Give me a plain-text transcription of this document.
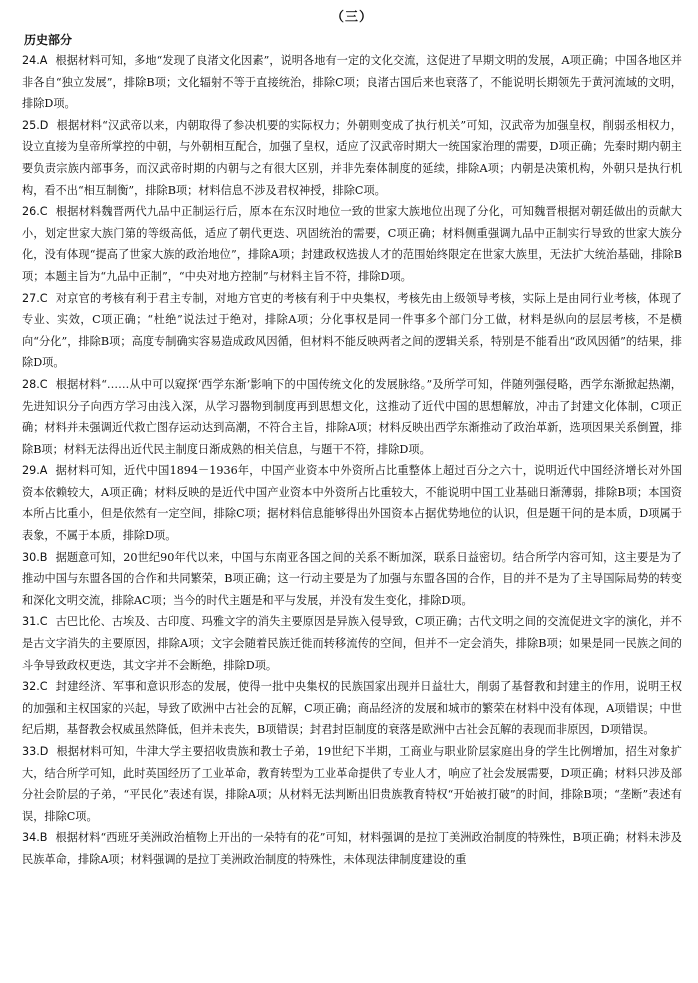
（三）
历史部分

24.A 根据材料可知，多地“发现了良渚文化因素”，说明各地有一定的文化交流，这促进了早期文明的发展，A项正确；中国各地区并非各自“独立发展”，排除B项；文化辐射不等于直接统治，排除C项；良渚古国后来也衰落了，不能说明长期领先于黄河流域的文明，排除D项。

25.D 根据材料“汉武帝以来，内朝取得了参决机要的实际权力；外朝则变成了执行机关”可知，汉武帝为加强皇权，削弱丞相权力，设立直接为皇帝所掌控的中朝，与外朝相互配合，加强了皇权，适应了汉武帝时期大一统国家治理的需要，D项正确；先秦时期内朝主要负责宗族内部事务，而汉武帝时期的内朝与之有很大区别，并非先秦体制度的延续，排除A项；内朝是决策机构，外朝只是执行机构，看不出“相互制衡”，排除B项；材料信息不涉及君权神授，排除C项。

26.C 根据材料魏晋两代九品中正制运行后，原本在东汉时地位一致的世家大族地位出现了分化，可知魏晋根据对朝廷做出的贡献大小，划定世家大族门第的等级高低，适应了朝代更迭、巩固统治的需要，C项正确；材料侧重强调九品中正制实行导致的世家大族分化，没有体现“提高了世家大族的政治地位”，排除A项；封建政权选拔人才的范围始终限定在世家大族里，无法扩大统治基础，排除B项；本题主旨为“九品中正制”，“中央对地方控制”与材料主旨不符，排除D项。

27.C 对京官的考核有利于君主专制，对地方官吏的考核有利于中央集权，考核先由上级领导考核，实际上是由同行业考核，体现了专业、实效，C项正确；“杜绝”说法过于绝对，排除A项；分化事权是同一件事多个部门分工做，材料是纵向的层层考核，不是横向“分化”，排除B项；高度专制确实容易造成政风因循，但材料不能反映两者之间的逻辑关系，特别是不能看出“政风因循”的结果，排除D项。

28.C 根据材料“……从中可以窥探‘西学东渐’影响下的中国传统文化的发展脉络。”及所学可知，伴随列强侵略，西学东渐掀起热潮，先进知识分子向西方学习由浅入深，从学习器物到制度再到思想文化，这推动了近代中国的思想解放，冲击了封建文化体制，C项正确；材料并未强调近代救亡图存运动达到高潮，不符合主旨，排除A项；材料反映出西学东渐推动了政治革新，选项因果关系倒置，排除B项；材料无法得出近代民主制度日渐成熟的相关信息，与题干不符，排除D项。

29.A 据材料可知，近代中国1894－1936年，中国产业资本中外资所占比重整体上超过百分之六十，说明近代中国经济增长对外国资本依赖较大，A项正确；材料反映的是近代中国产业资本中外资所占比重较大，不能说明中国工业基础日渐薄弱，排除B项；本国资本所占比重小，但是依然有一定空间，排除C项；据材料信息能够得出外国资本占据优势地位的认识，但是题干问的是本质，D项属于表象，不属于本质，排除D项。

30.B 据题意可知，20世纪90年代以来，中国与东南亚各国之间的关系不断加深，联系日益密切。结合所学内容可知，这主要是为了推动中国与东盟各国的合作和共同繁荣，B项正确；这一行动主要是为了加强与东盟各国的合作，目的并不是为了主导国际局势的转变和深化文明交流，排除AC项；当今的时代主题是和平与发展，并没有发生变化，排除D项。

31.C 古巴比伦、古埃及、古印度、玛雅文字的消失主要原因是异族入侵导致，C项正确；古代文明之间的交流促进文字的演化，并不是古文字消失的主要原因，排除A项；文字会随着民族迁徙而转移流传的空间，但并不一定会消失，排除B项；如果是同一民族之间的斗争导致政权更迭，其文字并不会断绝，排除D项。

32.C 封建经济、军事和意识形态的发展，使得一批中央集权的民族国家出现并日益壮大，削弱了基督教和封建主的作用，说明王权的加强和主权国家的兴起，导致了欧洲中古社会的瓦解，C项正确；商品经济的发展和城市的繁荣在材料中没有体现，A项错误；中世纪后期，基督教会权威虽然降低，但并未丧失，B项错误；封君封臣制度的衰落是欧洲中古社会瓦解的表现而非原因，D项错误。

33.D 根据材料可知，牛津大学主要招收贵族和教士子弟，19世纪下半期，工商业与职业阶层家庭出身的学生比例增加，招生对象扩大，结合所学可知，此时英国经历了工业革命，教育转型为工业革命提供了专业人才，响应了社会发展需要，D项正确；材料只涉及部分社会阶层的子弟，“平民化”表述有误，排除A项；从材料无法判断出旧贵族教育特权“开始被打破”的时间，排除B项；“垄断”表述有误，排除C项。

34.B 根据材料“西班牙美洲政治植物上开出的一朵特有的花”可知，材料强调的是拉丁美洲政治制度的特殊性，B项正确；材料未涉及民族革命，排除A项；材料强调的是拉丁美洲政治制度的特殊性，未体现法律制度建设的重
